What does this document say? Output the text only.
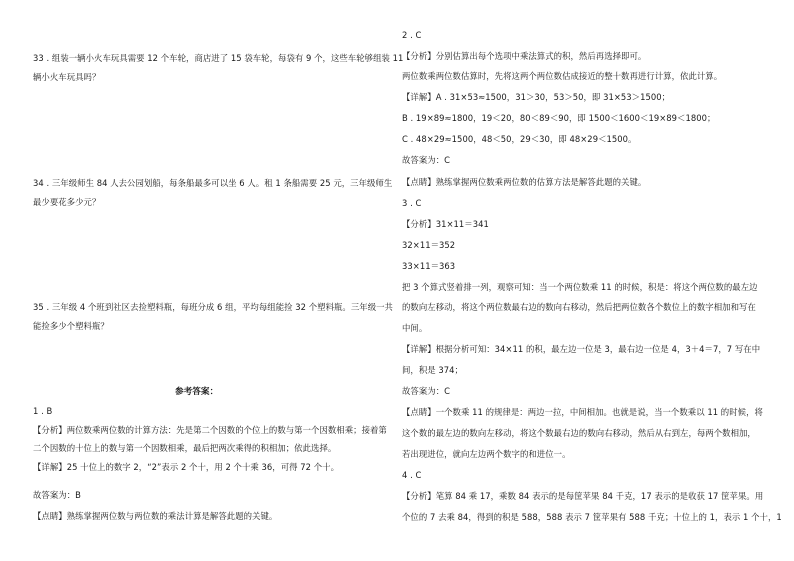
33 . 组装一辆小火车玩具需要 12 个车轮，商店进了 15 袋车轮，每袋有 9 个，这些车轮够组装 11
辆小火车玩具吗？
34 . 三年级师生 84 人去公园划船，每条船最多可以坐 6 人。租 1 条船需要 25 元，三年级师生
最少要花多少元？
35 . 三年级 4 个班到社区去捡塑料瓶，每班分成 6 组，平均每组能捡 32 个塑料瓶。三年级一共
能捡多少个塑料瓶？
参考答案：
1 . B
【分析】两位数乘两位数的计算方法：先是第二个因数的个位上的数与第一个因数相乘；接着第
二个因数的十位上的数与第一个因数相乘，最后把两次乘得的积相加；依此选择。
【详解】25 十位上的数字 2，“2”表示 2 个十，用 2 个十乘 36，可得 72 个十。
故答案为：B
【点睛】熟练掌握两位数与两位数的乘法计算是解答此题的关键。
2 . C
【分析】分别估算出每个选项中乘法算式的积，然后再选择即可。
两位数乘两位数估算时，先将这两个两位数估成接近的整十数再进行计算，依此计算。
【详解】A . 31×53≈1500，31＞30，53＞50，即 31×53＞1500；
B . 19×89≈1800，19＜20，80＜89＜90，即 1500＜1600＜19×89＜1800；
C . 48×29≈1500，48＜50，29＜30，即 48×29＜1500。
故答案为：C
【点睛】熟练掌握两位数乘两位数的估算方法是解答此题的关键。
3 . C
【分析】31×11＝341
32×11＝352
33×11＝363
把 3 个算式竖着排一列，观察可知：当一个两位数乘 11 的时候，积是：将这个两位数的最左边
的数向左移动，将这个两位数最右边的数向右移动，然后把两位数各个数位上的数字相加和写在
中间。
【详解】根据分析可知：34×11 的积，最左边一位是 3，最右边一位是 4，3＋4＝7，7 写在中
间，积是 374；
故答案为：C
【点睛】一个数乘 11 的规律是：两边一拉，中间相加。也就是说，当一个数乘以 11 的时候，将
这个数的最左边的数向左移动，将这个数最右边的数向右移动，然后从右到左，每两个数相加，
若出现进位，就向左边两个数字的和进位一。
4 . C
【分析】笔算 84 乘 17，乘数 84 表示的是每筐苹果 84 千克，17 表示的是收获 17 筐苹果。用
个位的 7 去乘 84，得到的积是 588，588 表示 7 筐苹果有 588 千克；十位上的 1，表示 1 个十，1
